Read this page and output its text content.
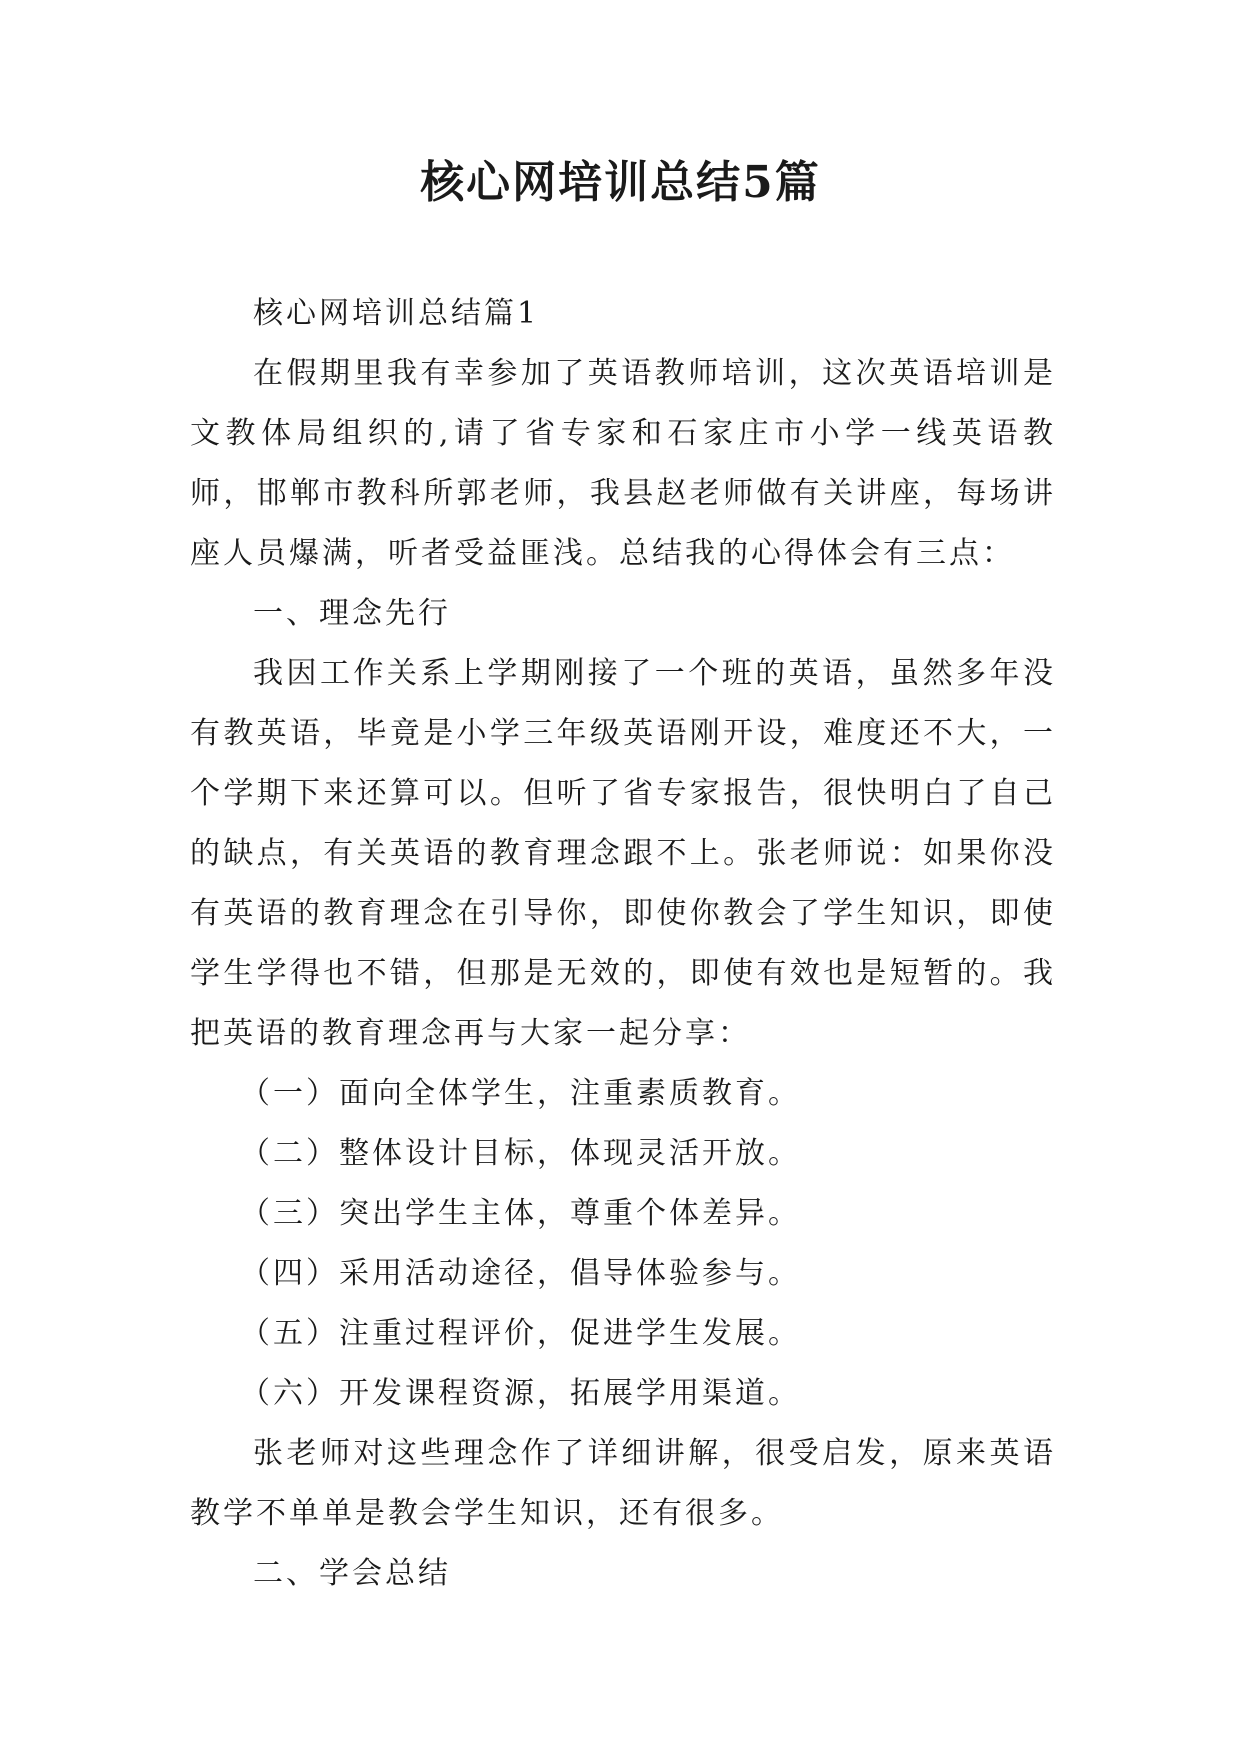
核心网培训总结5篇

核心网培训总结篇1

在假期里我有幸参加了英语教师培训，这次英语培训是文教体局组织的,请了省专家和石家庄市小学一线英语教师，邯郸市教科所郭老师，我县赵老师做有关讲座，每场讲座人员爆满，听者受益匪浅。总结我的心得体会有三点：

一、理念先行

我因工作关系上学期刚接了一个班的英语，虽然多年没有教英语，毕竟是小学三年级英语刚开设，难度还不大，一个学期下来还算可以。但听了省专家报告，很快明白了自己的缺点，有关英语的教育理念跟不上。张老师说：如果你没有英语的教育理念在引导你，即使你教会了学生知识，即使学生学得也不错，但那是无效的，即使有效也是短暂的。我把英语的教育理念再与大家一起分享：

（一）面向全体学生，注重素质教育。

（二）整体设计目标，体现灵活开放。

（三）突出学生主体，尊重个体差异。

（四）采用活动途径，倡导体验参与。

（五）注重过程评价，促进学生发展。

（六）开发课程资源，拓展学用渠道。

张老师对这些理念作了详细讲解，很受启发，原来英语教学不单单是教会学生知识，还有很多。

二、学会总结
